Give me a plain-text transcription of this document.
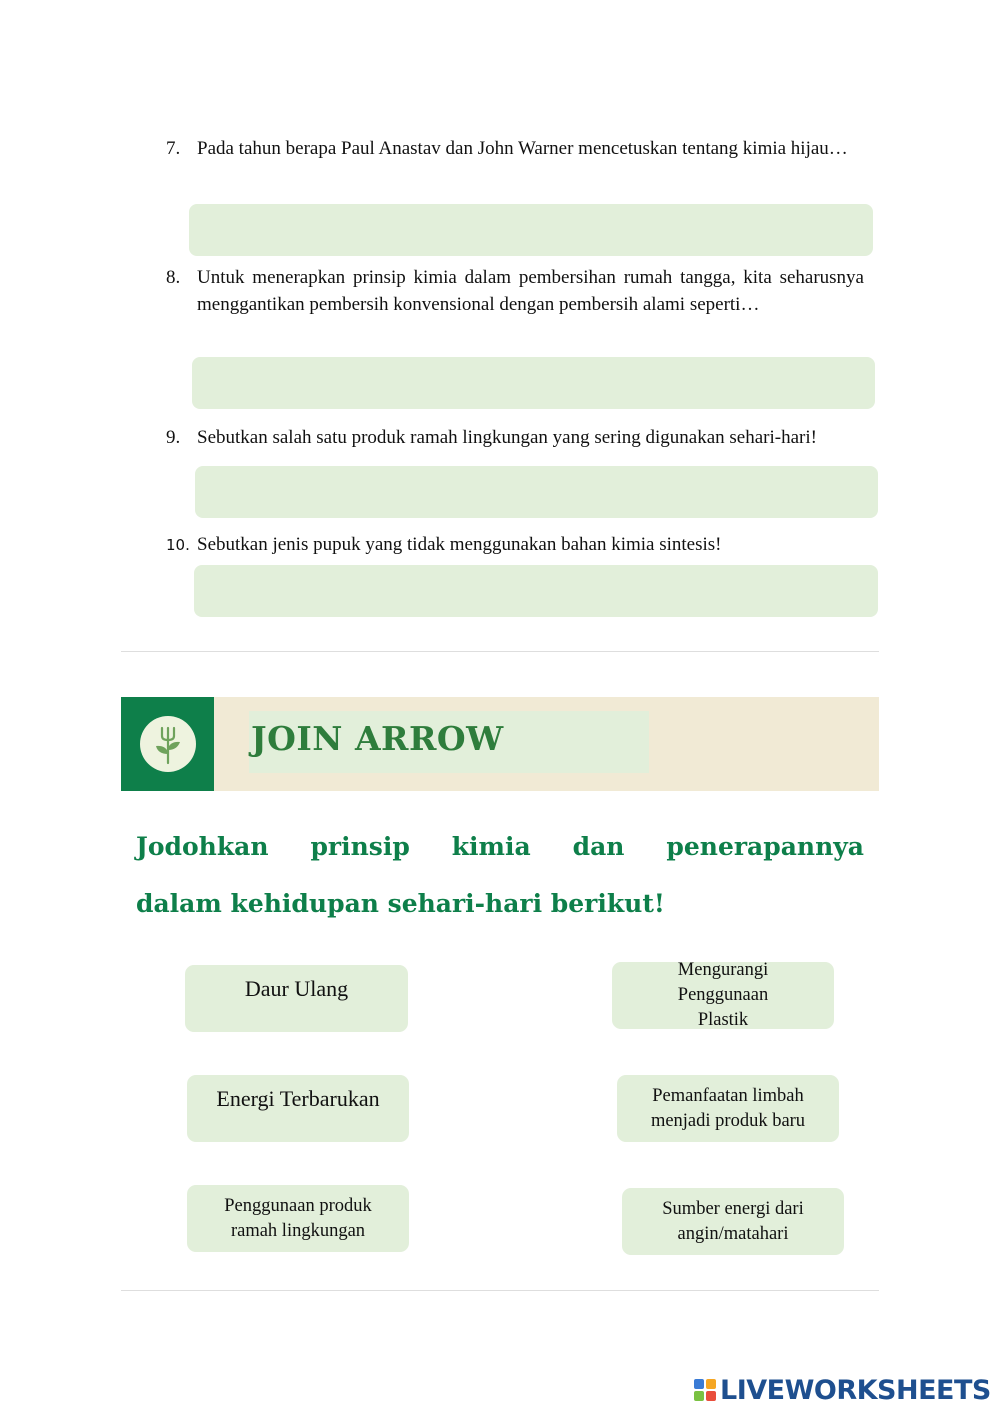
7. Pada tahun berapa Paul Anastav dan John Warner mencetuskan tentang kimia hijau…
8. Untuk menerapkan prinsip kimia dalam pembersihan rumah tangga, kita seharusnya menggantikan pembersih konvensional dengan pembersih alami seperti…
9. Sebutkan salah satu produk ramah lingkungan yang sering digunakan sehari-hari!
10. Sebutkan jenis pupuk yang tidak menggunakan bahan kimia sintesis!
JOIN ARROW
Jodohkan prinsip kimia dan penerapannya
dalam kehidupan sehari-hari berikut!
Daur Ulang
Energi Terbarukan
Penggunaan produk ramah lingkungan
Mengurangi Penggunaan Plastik
Pemanfaatan limbah menjadi produk baru
Sumber energi dari angin/matahari
LIVEWORKSHEETS
